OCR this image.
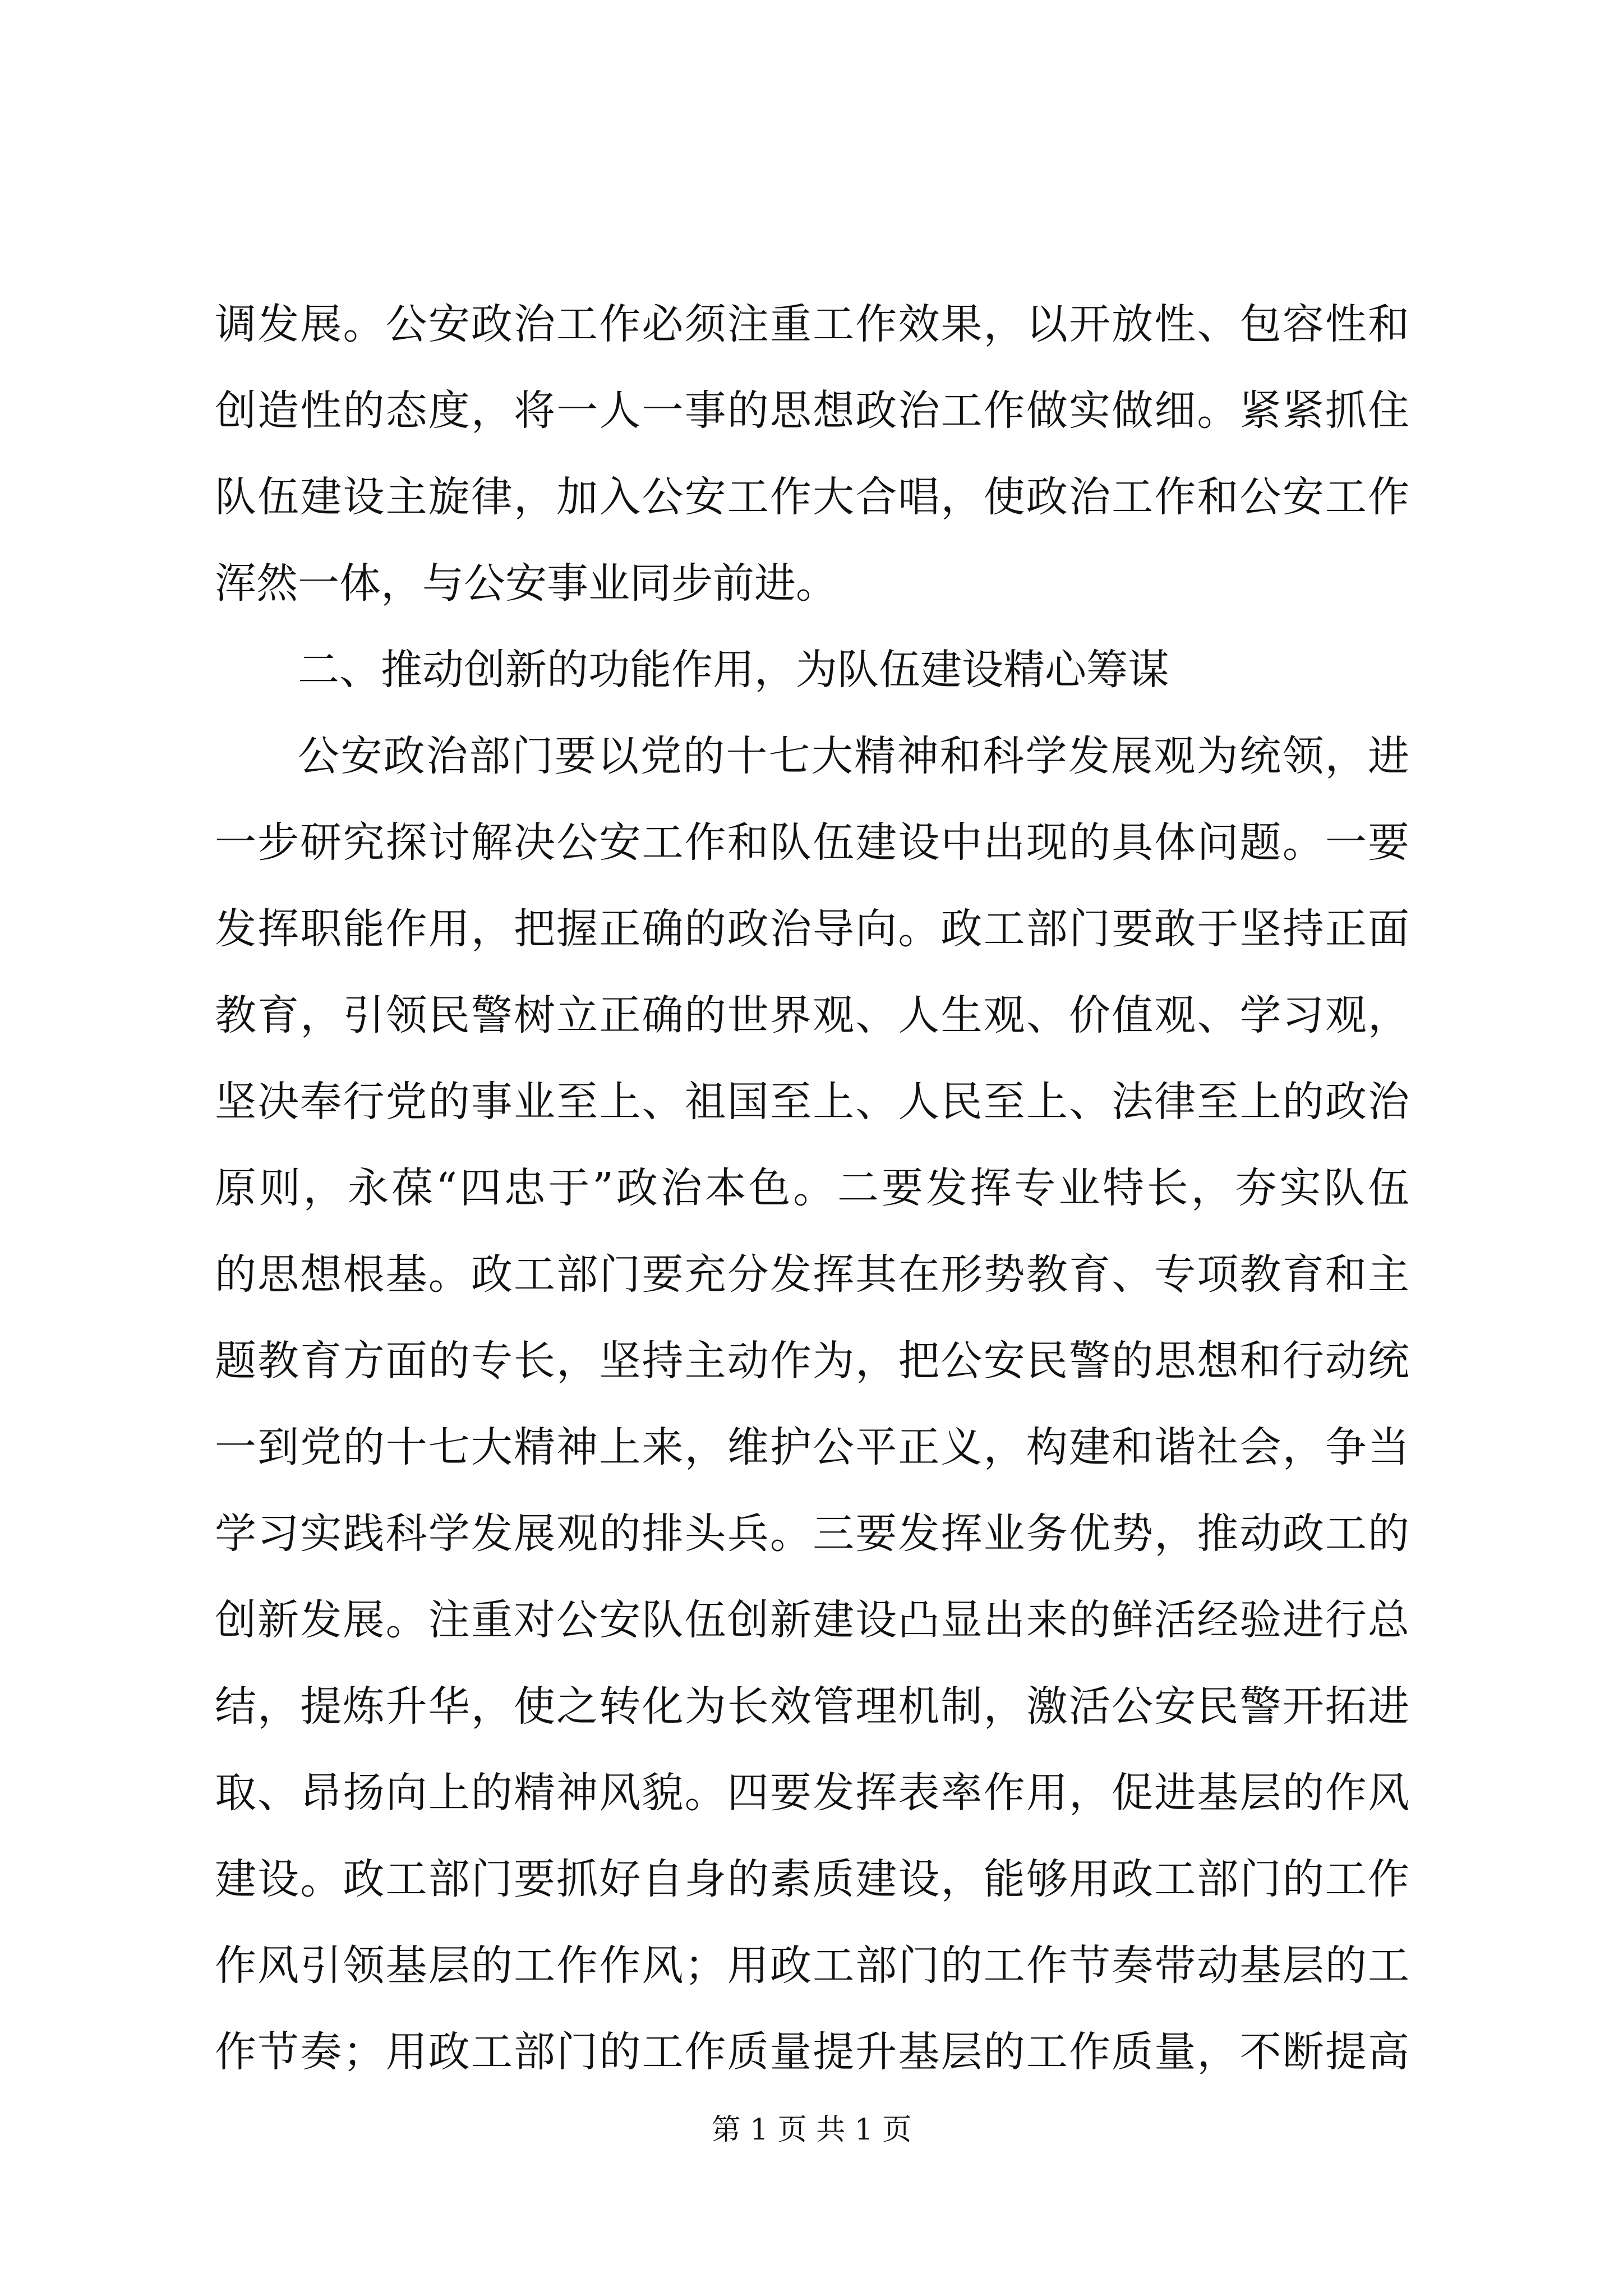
调发展。公安政治工作必须注重工作效果，以开放性、包容性和
创造性的态度，将一人一事的思想政治工作做实做细。紧紧抓住
队伍建设主旋律，加入公安工作大合唱，使政治工作和公安工作
浑然一体，与公安事业同步前进。
二、推动创新的功能作用，为队伍建设精心筹谋
公安政治部门要以党的十七大精神和科学发展观为统领，进
一步研究探讨解决公安工作和队伍建设中出现的具体问题。一要
发挥职能作用，把握正确的政治导向。政工部门要敢于坚持正面
教育，引领民警树立正确的世界观、人生观、价值观、学习观，
坚决奉行党的事业至上、祖国至上、人民至上、法律至上的政治
原则，永葆“四忠于”政治本色。二要发挥专业特长，夯实队伍
的思想根基。政工部门要充分发挥其在形势教育、专项教育和主
题教育方面的专长，坚持主动作为，把公安民警的思想和行动统
一到党的十七大精神上来，维护公平正义，构建和谐社会，争当
学习实践科学发展观的排头兵。三要发挥业务优势，推动政工的
创新发展。注重对公安队伍创新建设凸显出来的鲜活经验进行总
结，提炼升华，使之转化为长效管理机制，激活公安民警开拓进
取、昂扬向上的精神风貌。四要发挥表率作用，促进基层的作风
建设。政工部门要抓好自身的素质建设，能够用政工部门的工作
作风引领基层的工作作风；用政工部门的工作节奏带动基层的工
作节奏；用政工部门的工作质量提升基层的工作质量，不断提高
第 1 页 共 1 页
